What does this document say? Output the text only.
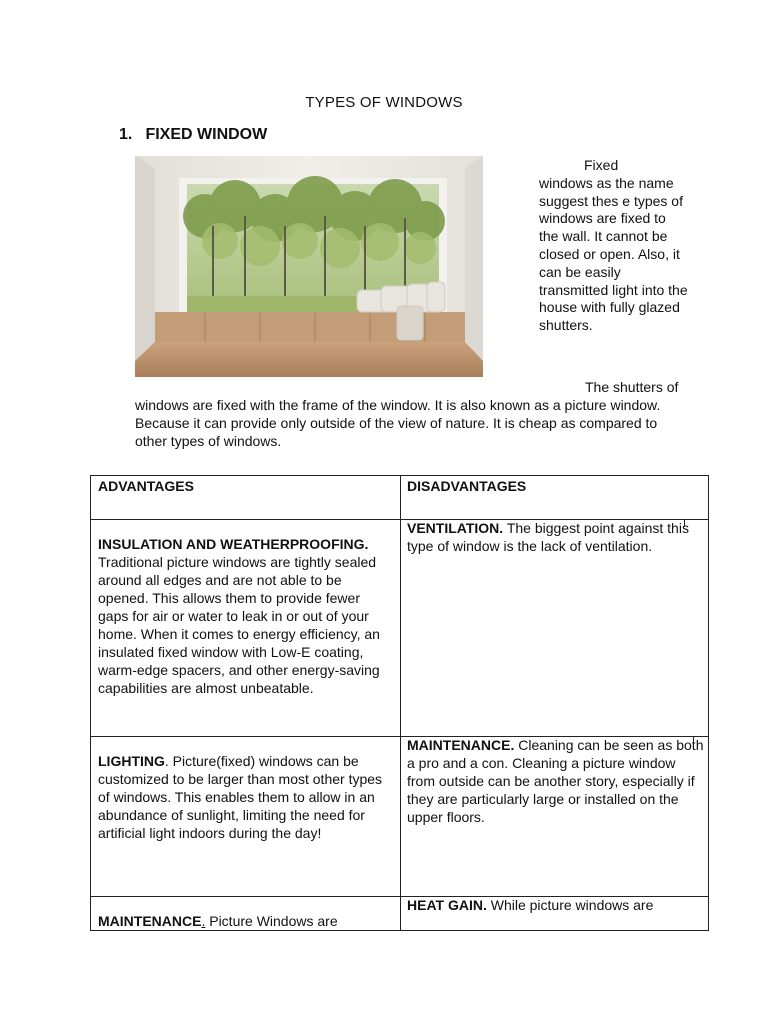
TYPES OF WINDOWS
1. FIXED WINDOW
Fixed
windows as the name suggest thes e types of windows are fixed to the wall. It cannot be closed or open. Also, it can be easily transmitted light into the house with fully glazed shutters.
The shutters of windows are fixed with the frame of the window. It is also known as a picture window. Because it can provide only outside of the view of nature. It is cheap as compared to other types of windows.
ADVANTAGES	DISADVANTAGES
INSULATION AND WEATHERPROOFING. Traditional picture windows are tightly sealed around all edges and are not able to be opened. This allows them to provide fewer gaps for air or water to leak in or out of your home. When it comes to energy efficiency, an insulated fixed window with Low-E coating, warm-edge spacers, and other energy-saving capabilities are almost unbeatable.
VENTILATION. The biggest point against this type of window is the lack of ventilation.
LIGHTING. Picture(fixed) windows can be customized to be larger than most other types of windows. This enables them to allow in an abundance of sunlight, limiting the need for artificial light indoors during the day!
MAINTENANCE. Cleaning can be seen as both a pro and a con. Cleaning a picture window from outside can be another story, especially if they are particularly large or installed on the upper floors.
MAINTENANCE. Picture Windows are
HEAT GAIN. While picture windows are
